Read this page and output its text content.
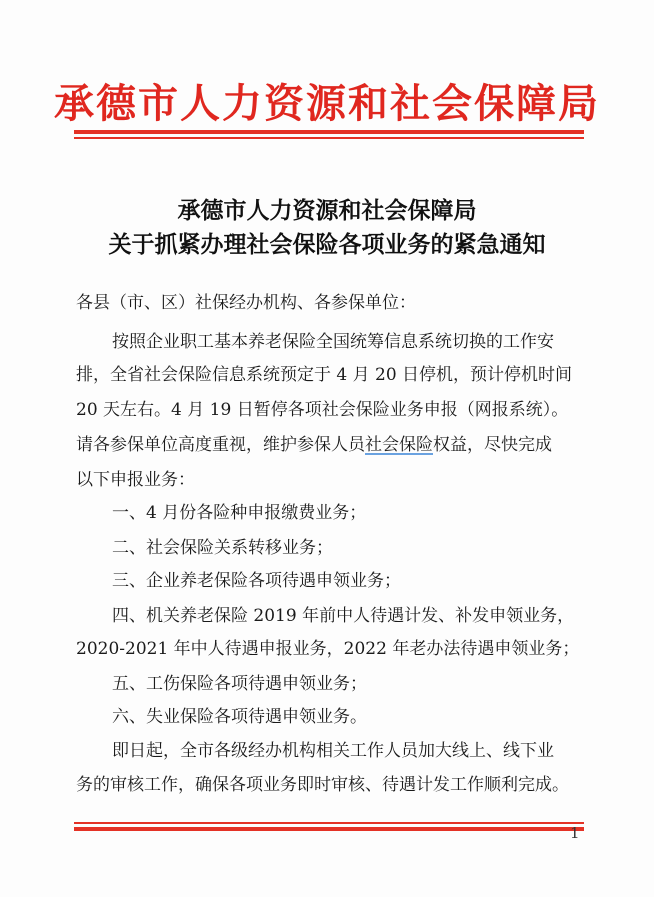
承德市人力资源和社会保障局
承德市人力资源和社会保障局
关于抓紧办理社会保险各项业务的紧急通知
各县（市、区）社保经办机构、各参保单位：
按照企业职工基本养老保险全国统筹信息系统切换的工作安
排，全省社会保险信息系统预定于 4 月 20 日停机，预计停机时间
20 天左右。4 月 19 日暂停各项社会保险业务申报（网报系统）。
请各参保单位高度重视，维护参保人员社会保险权益，尽快完成
以下申报业务：
一、4 月份各险种申报缴费业务；
二、社会保险关系转移业务；
三、企业养老保险各项待遇申领业务；
四、机关养老保险 2019 年前中人待遇计发、补发申领业务，
2020-2021 年中人待遇申报业务，2022 年老办法待遇申领业务；
五、工伤保险各项待遇申领业务；
六、失业保险各项待遇申领业务。
即日起，全市各级经办机构相关工作人员加大线上、线下业
务的审核工作，确保各项业务即时审核、待遇计发工作顺利完成。
1
